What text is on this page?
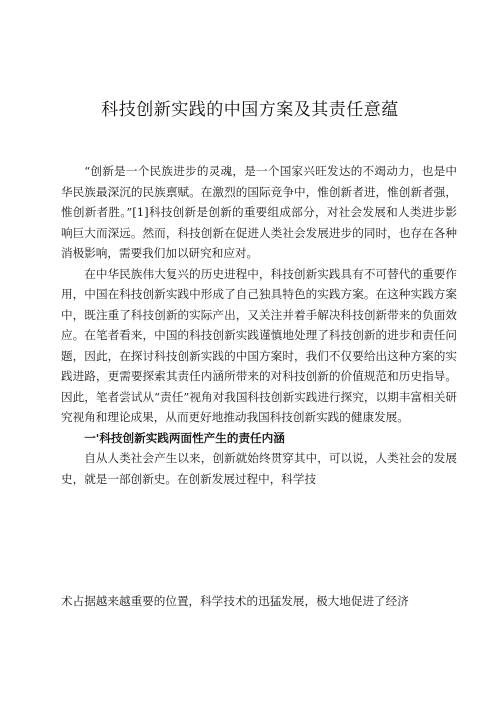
科技创新实践的中国方案及其责任意蕴

“创新是一个民族进步的灵魂，是一个国家兴旺发达的不竭动力，也是中华民族最深沉的民族禀赋。在激烈的国际竞争中，惟创新者进，惟创新者强，惟创新者胜。”[1]科技创新是创新的重要组成部分，对社会发展和人类进步影响巨大而深远。然而，科技创新在促进人类社会发展进步的同时，也存在各种消极影响，需要我们加以研究和应对。

在中华民族伟大复兴的历史进程中，科技创新实践具有不可替代的重要作用，中国在科技创新实践中形成了自己独具特色的实践方案。在这种实践方案中，既注重了科技创新的实际产出，又关注并着手解决科技创新带来的负面效应。在笔者看来，中国的科技创新实践谨慎地处理了科技创新的进步和责任问题，因此，在探讨科技创新实践的中国方案时，我们不仅要给出这种方案的实践进路，更需要探索其责任内涵所带来的对科技创新的价值规范和历史指导。因此，笔者尝试从“责任”视角对我国科技创新实践进行探究，以期丰富相关研究视角和理论成果，从而更好地推动我国科技创新实践的健康发展。

一'科技创新实践两面性产生的责任内涵

自从人类社会产生以来，创新就始终贯穿其中，可以说，人类社会的发展史，就是一部创新史。在创新发展过程中，科学技

术占据越来越重要的位置，科学技术的迅猛发展，极大地促进了经济
